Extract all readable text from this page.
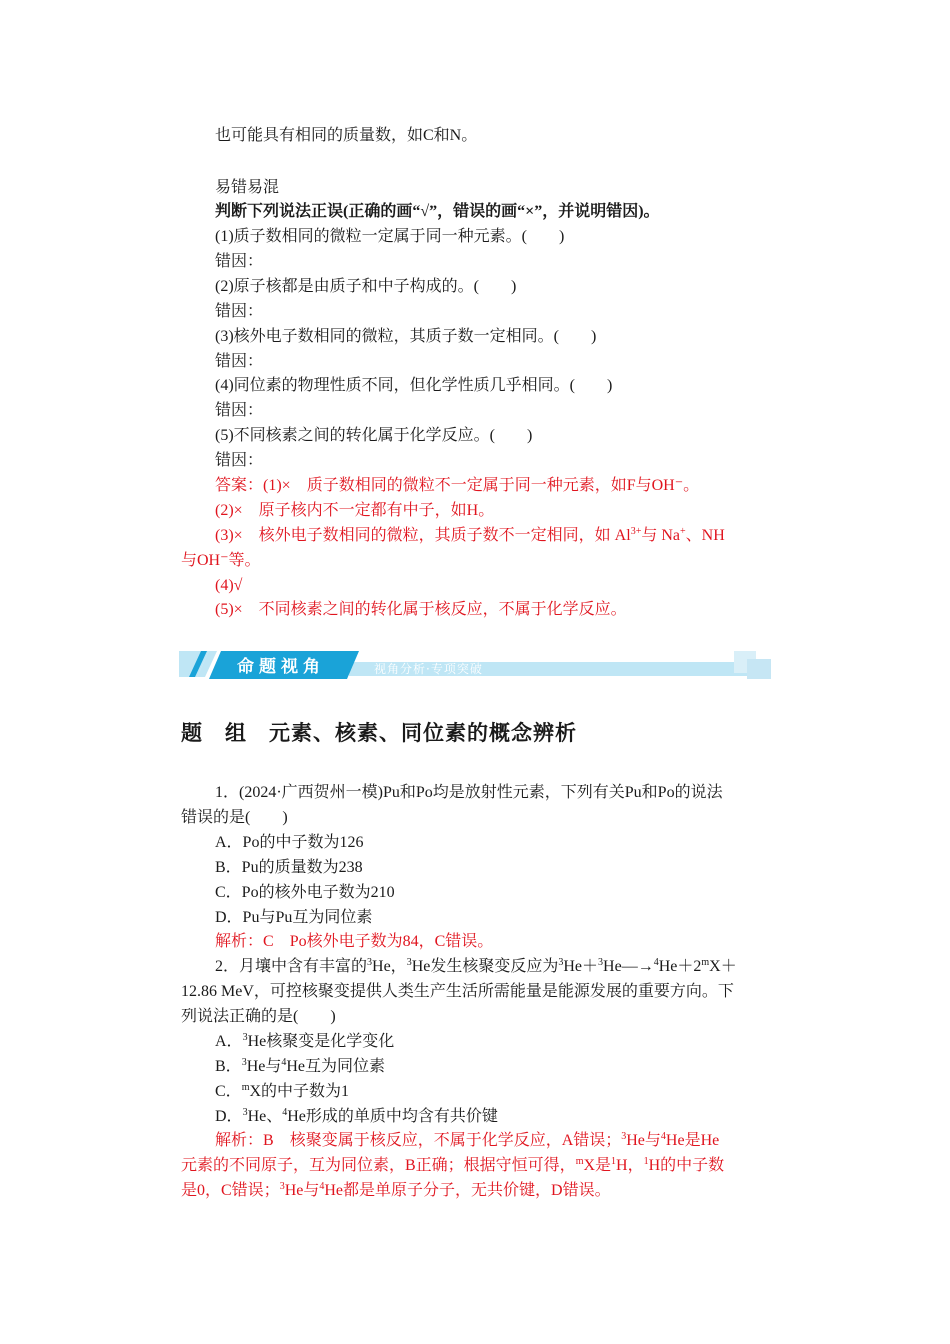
也可能具有相同的质量数，如C和N。
易错易混
判断下列说法正误(正确的画“√”，错误的画“×”，并说明错因)。
(1)质子数相同的微粒一定属于同一种元素。(　　)
错因：
(2)原子核都是由质子和中子构成的。(　　)
错因：
(3)核外电子数相同的微粒，其质子数一定相同。(　　)
错因：
(4)同位素的物理性质不同，但化学性质几乎相同。(　　)
错因：
(5)不同核素之间的转化属于化学反应。(　　)
错因：
答案：(1)×　质子数相同的微粒不一定属于同一种元素，如F与OH⁻。
(2)×　原子核内不一定都有中子，如H。
(3)×　核外电子数相同的微粒，其质子数不一定相同，如 $Al^{3+}$与 Na+、NH
与OH⁻等。
(4)√
(5)×　不同核素之间的转化属于核反应，不属于化学反应。
命题视角	视角分析·专项突破
题 组 元素、核素、同位素的概念辨析
1．(2024·广西贺州一模)Pu和Po均是放射性元素，下列有关Pu和Po的说法
错误的是(　　)
A．Po的中子数为126
B．Pu的质量数为238
C．Po的核外电子数为210
D．Pu与Pu互为同位素
解析：C　Po核外电子数为84，C错误。
2．月壤中含有丰富的$^3$He，$^3$He发生核聚变反应为$^3He+^3He―\to^4He+2^mX+$
12.86 MeV，可控核聚变提供人类生产生活所需能量是能源发展的重要方向。下
列说法正确的是(　　)
A．$^3$He核聚变是化学变化
B．$^3$He与$^4$He互为同位素
C．$^m$X的中子数为1
D．$^3$He、$^4$He形成的单质中均含有共价键
解析：B　核聚变属于核反应，不属于化学反应，A错误；$^3$He与$^4$He是He
元素的不同原子，互为同位素，B正确；根据守恒可得，$^m$X是$^1$H，$^1$H的中子数
是0，C错误；$^3$He与$^4$He都是单原子分子，无共价键，D错误。
